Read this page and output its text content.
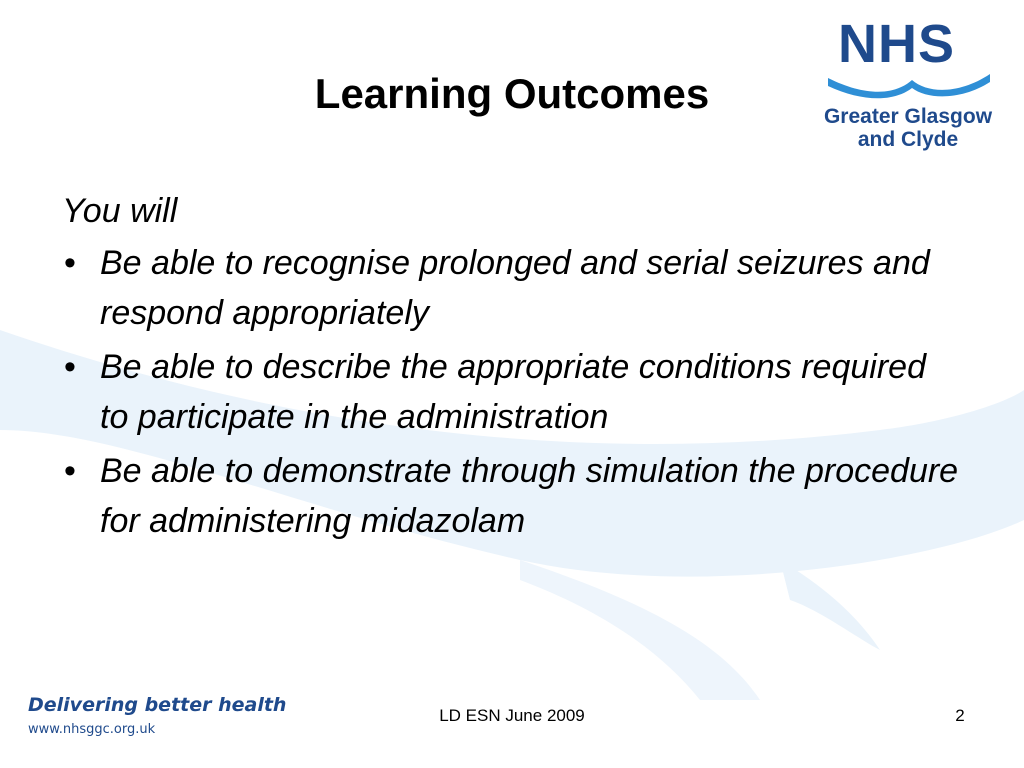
Learning Outcomes
NHS
Greater Glasgow
and Clyde

You will

• Be able to recognise prolonged and serial seizures and respond appropriately
• Be able to describe the appropriate conditions required to participate in the administration
• Be able to demonstrate through simulation the procedure for administering midazolam
Delivering better health
www.nhsggc.org.uk
LD ESN June 2009	2
